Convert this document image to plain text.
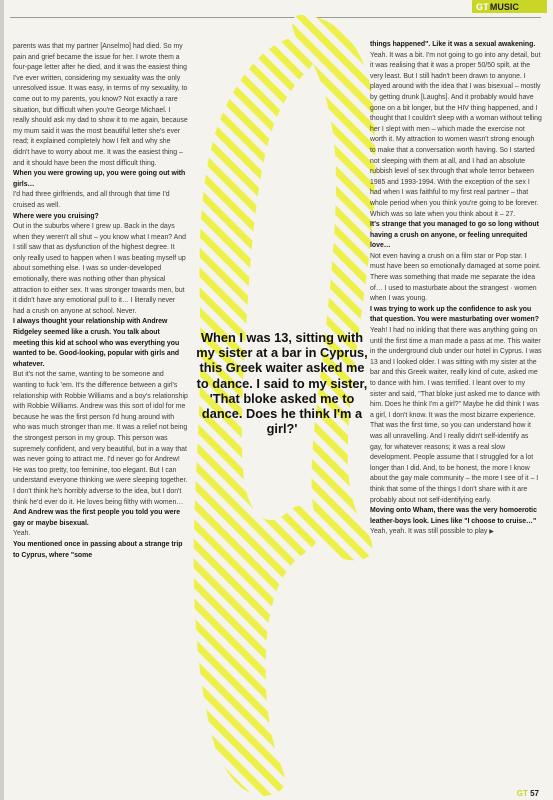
GT MUSIC

parents was that my partner [Anselmo] had died. So my pain and grief became the issue for her. I wrote them a four-page letter after he died, and it was the easiest thing I've ever written, considering my sexuality was the only unresolved issue. It was easy, in terms of my sexuality, to come out to my parents, you know? Not exactly a rare situation, but difficult when you're George Michael. I really should ask my dad to show it to me again, because my mum said it was the most beautiful letter she's ever read; it explained completely how I felt and why she didn't have to worry about me. It was the easiest thing – and it should have been the most difficult thing.

When you were growing up, you were going out with girls…

I'd had three girlfriends, and all through that time I'd cruised as well.

Where were you cruising?

Out in the suburbs where I grew up. Back in the days when they weren't all shut – you know what I mean? And I still saw that as dysfunction of the highest degree. It only really used to happen when I was beating myself up about something else. I was so under-developed emotionally, there was nothing other than physical attraction to either sex. It was stronger towards men, but it didn't have any emotional pull to it… I literally never had a crush on anyone at school. Never.

I always thought your relationship with Andrew Ridgeley seemed like a crush. You talk about meeting this kid at school who was everything you wanted to be. Good-looking, popular with girls and whatever.

But it's not the same, wanting to be someone and wanting to fuck 'em. It's the difference between a girl's relationship with Robbie Williams and a boy's relationship with Robbie Williams. Andrew was this sort of idol for me because he was the first person I'd hung around with who was much stronger than me. It was a relief not being the strongest person in my group. This person was supremely confident, and very beautiful, but in a way that was never going to attract me. I'd never go for Andrew! He was too pretty, too feminine, too elegant. But I can understand everyone thinking we were sleeping together. I don't think he's horribly adverse to the idea, but I don't think he'd ever do it. He loves being filthy with women…

And Andrew was the first people you told you were gay or maybe bisexual.

Yeah.

You mentioned once in passing about a strange trip to Cyprus, where "some

When I was 13, sitting with my sister at a bar in Cyprus, this Greek waiter asked me to dance. I said to my sister, 'That bloke asked me to dance. Does he think I'm a girl?'

things happened". Like it was a sexual awakening.

Yeah. It was a bit. I'm not going to go into any detail, but it was realising that it was a proper 50/50 spilt, at the very least. But I still hadn't been drawn to anyone. I played around with the idea that I was bisexual – mostly by getting drunk [Laughs]. And it probably would have gone on a bit longer, but the HIV thing happened, and I thought that I couldn't sleep with a woman without telling her I slept with men – which made the exercise not worth it. My attraction to women wasn't strong enough to make that a conversation worth having. So I started not sleeping with them at all, and I had an absolute rubbish level of sex through that whole terror between 1985 and 1993-1994. With the exception of the sex I had when I was faithful to my first real partner – that whole period when you think you're going to be forever. Which was so late when you think about it – 27.

It's strange that you managed to go so long without having a crush on anyone, or feeling unrequited love…

Not even having a crush on a film star or Pop star. I must have been so emotionally damaged at some point. There was something that made me separate the idea of… I used to masturbate about the strangest · women when I was young.

I was trying to work up the confidence to ask you that question. You were masturbating over women?

Yeah! I had no inkling that there was anything going on until the first time a man made a pass at me. This waiter in the underground club under our hotel in Cyprus. I was 13 and I looked older. I was sitting with my sister at the bar and this Greek waiter, really kind of cute, asked me to dance with him. I was terrified. I leant over to my sister and said, "That bloke just asked me to dance with him. Does he think I'm a girl?" Maybe he did think I was a girl, I don't know. It was the most bizarre experience. That was the first time, so you can understand how it was all unravelling. And I really didn't self-identify as gay, for whatever reasons; it was a real slow development. People assume that I struggled for a lot longer than I did. And, to be honest, the more I know about the gay male community – the more I see of it – I think that some of the things I don't share with it are probably about not self-identifying early.

Moving onto Wham, there was the very homoerotic leather-boys look. Lines like "I choose to cruise…"

Yeah, yeah. It was still possible to play ▶

GT 57
